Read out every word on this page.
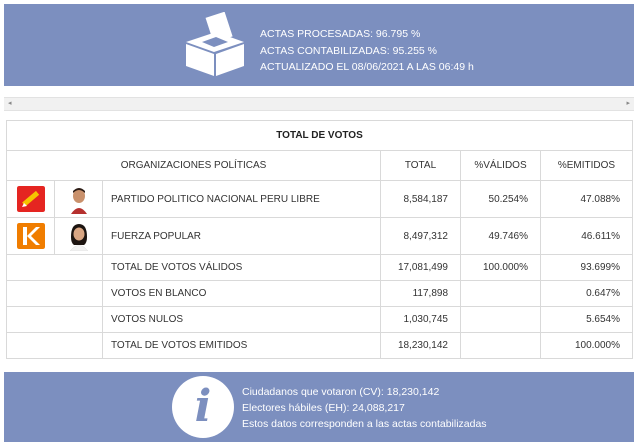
ACTAS PROCESADAS: 96.795 %
ACTAS CONTABILIZADAS: 95.255 %
ACTUALIZADO EL 08/06/2021 A LAS 06:49 h
◂	▸
TOTAL DE VOTOS					
ORGANIZACIONES POLÍTICAS			TOTAL	%VÁLIDOS	%EMITIDOS
		PARTIDO POLITICO NACIONAL PERU LIBRE	8,584,187	50.254%	47.088%
		FUERZA POPULAR	8,497,312	49.746%	46.611%
		TOTAL DE VOTOS VÁLIDOS	17,081,499	100.000%	93.699%
		VOTOS EN BLANCO	117,898		0.647%
		VOTOS NULOS	1,030,745		5.654%
		TOTAL DE VOTOS EMITIDOS	18,230,142		100.000%
i	Ciudadanos que votaron (CV): 18,230,142
Electores hábiles (EH): 24,088,217
Estos datos corresponden a las actas contabilizadas
